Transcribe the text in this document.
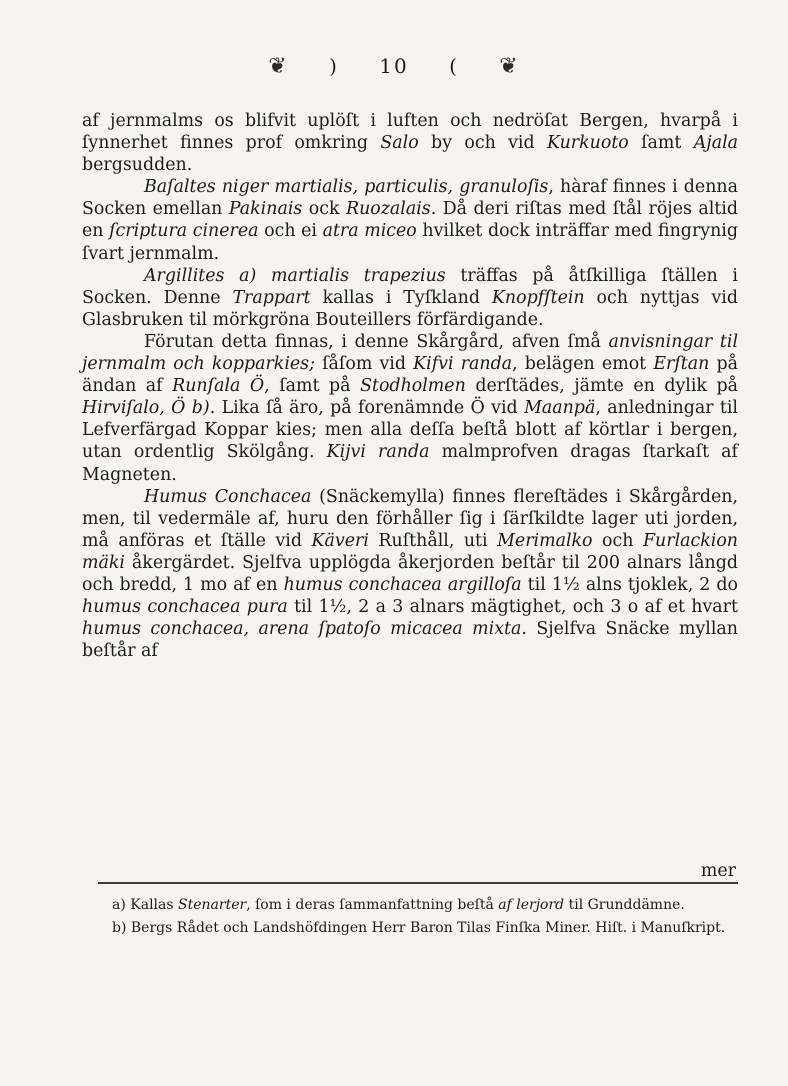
❦ ) 10 ( ❦

af jernmalms os blifvit uplöſt i luften och nedröſat Bergen, hvarpå i ſynnerhet finnes prof omkring Salo by och vid Kurkuoto ſamt Ajala bergsudden.

Baſaltes niger martialis, particulis, granuloſis, hàraf finnes i denna Socken emellan Pakinais ock Ruozalais. Då deri riſtas med ſtål röjes altid en ſcriptura cinerea och ei atra miceo hvilket dock inträffar med fingrynig ſvart jernmalm.

Argillites a) martialis trapezius träffas på åtſkilliga ſtällen i Socken. Denne Trappart kallas i Tyſkland Knopfſtein och nyttjas vid Glasbruken til mörkgröna Bouteillers förfärdigande.

Förutan detta finnas, i denne Skårgård, afven ſmå anvisningar til jernmalm och kopparkies; ſåſom vid Kifvi randa, belägen emot Erſtan på ändan af Runſala Ö, ſamt på Stodholmen derſtädes, jämte en dylik på Hirviſalo, Ö b). Lika ſå äro, på forenämnde Ö vid Maanpä, anledningar til Lefverfärgad Koppar kies; men alla deſſa beſtå blott af körtlar i bergen, utan ordentlig Skölgång. Kijvi randa malmprofven dragas ſtarkaſt af Magneten.

Humus Conchacea (Snäckemylla) finnes flereſtädes i Skårgården, men, til vedermäle af, huru den förhåller ſig i ſärſkildte lager uti jorden, må anföras et ſtälle vid Käveri Ruſthåll, uti Merimalko och Furlackion mäki åkergärdet. Sjelfva upplögda åkerjorden beſtår til 200 alnars långd och bredd, 1 mo af en humus conchacea argilloſa til 1½ alns tjoklek, 2 do humus conchacea pura til 1½, 2 a 3 alnars mägtighet, och 3 o af et hvart humus conchacea, arena ſpatoſo micacea mixta. Sjelfva Snäcke myllan beſtår af

mer

a) Kallas Stenarter, ſom i deras ſammanfattning beſtå af lerjord til Grunddämne.

b) Bergs Rådet och Landshöfdingen Herr Baron Tilas Finſka Miner. Hiſt. i Manuſkript.
